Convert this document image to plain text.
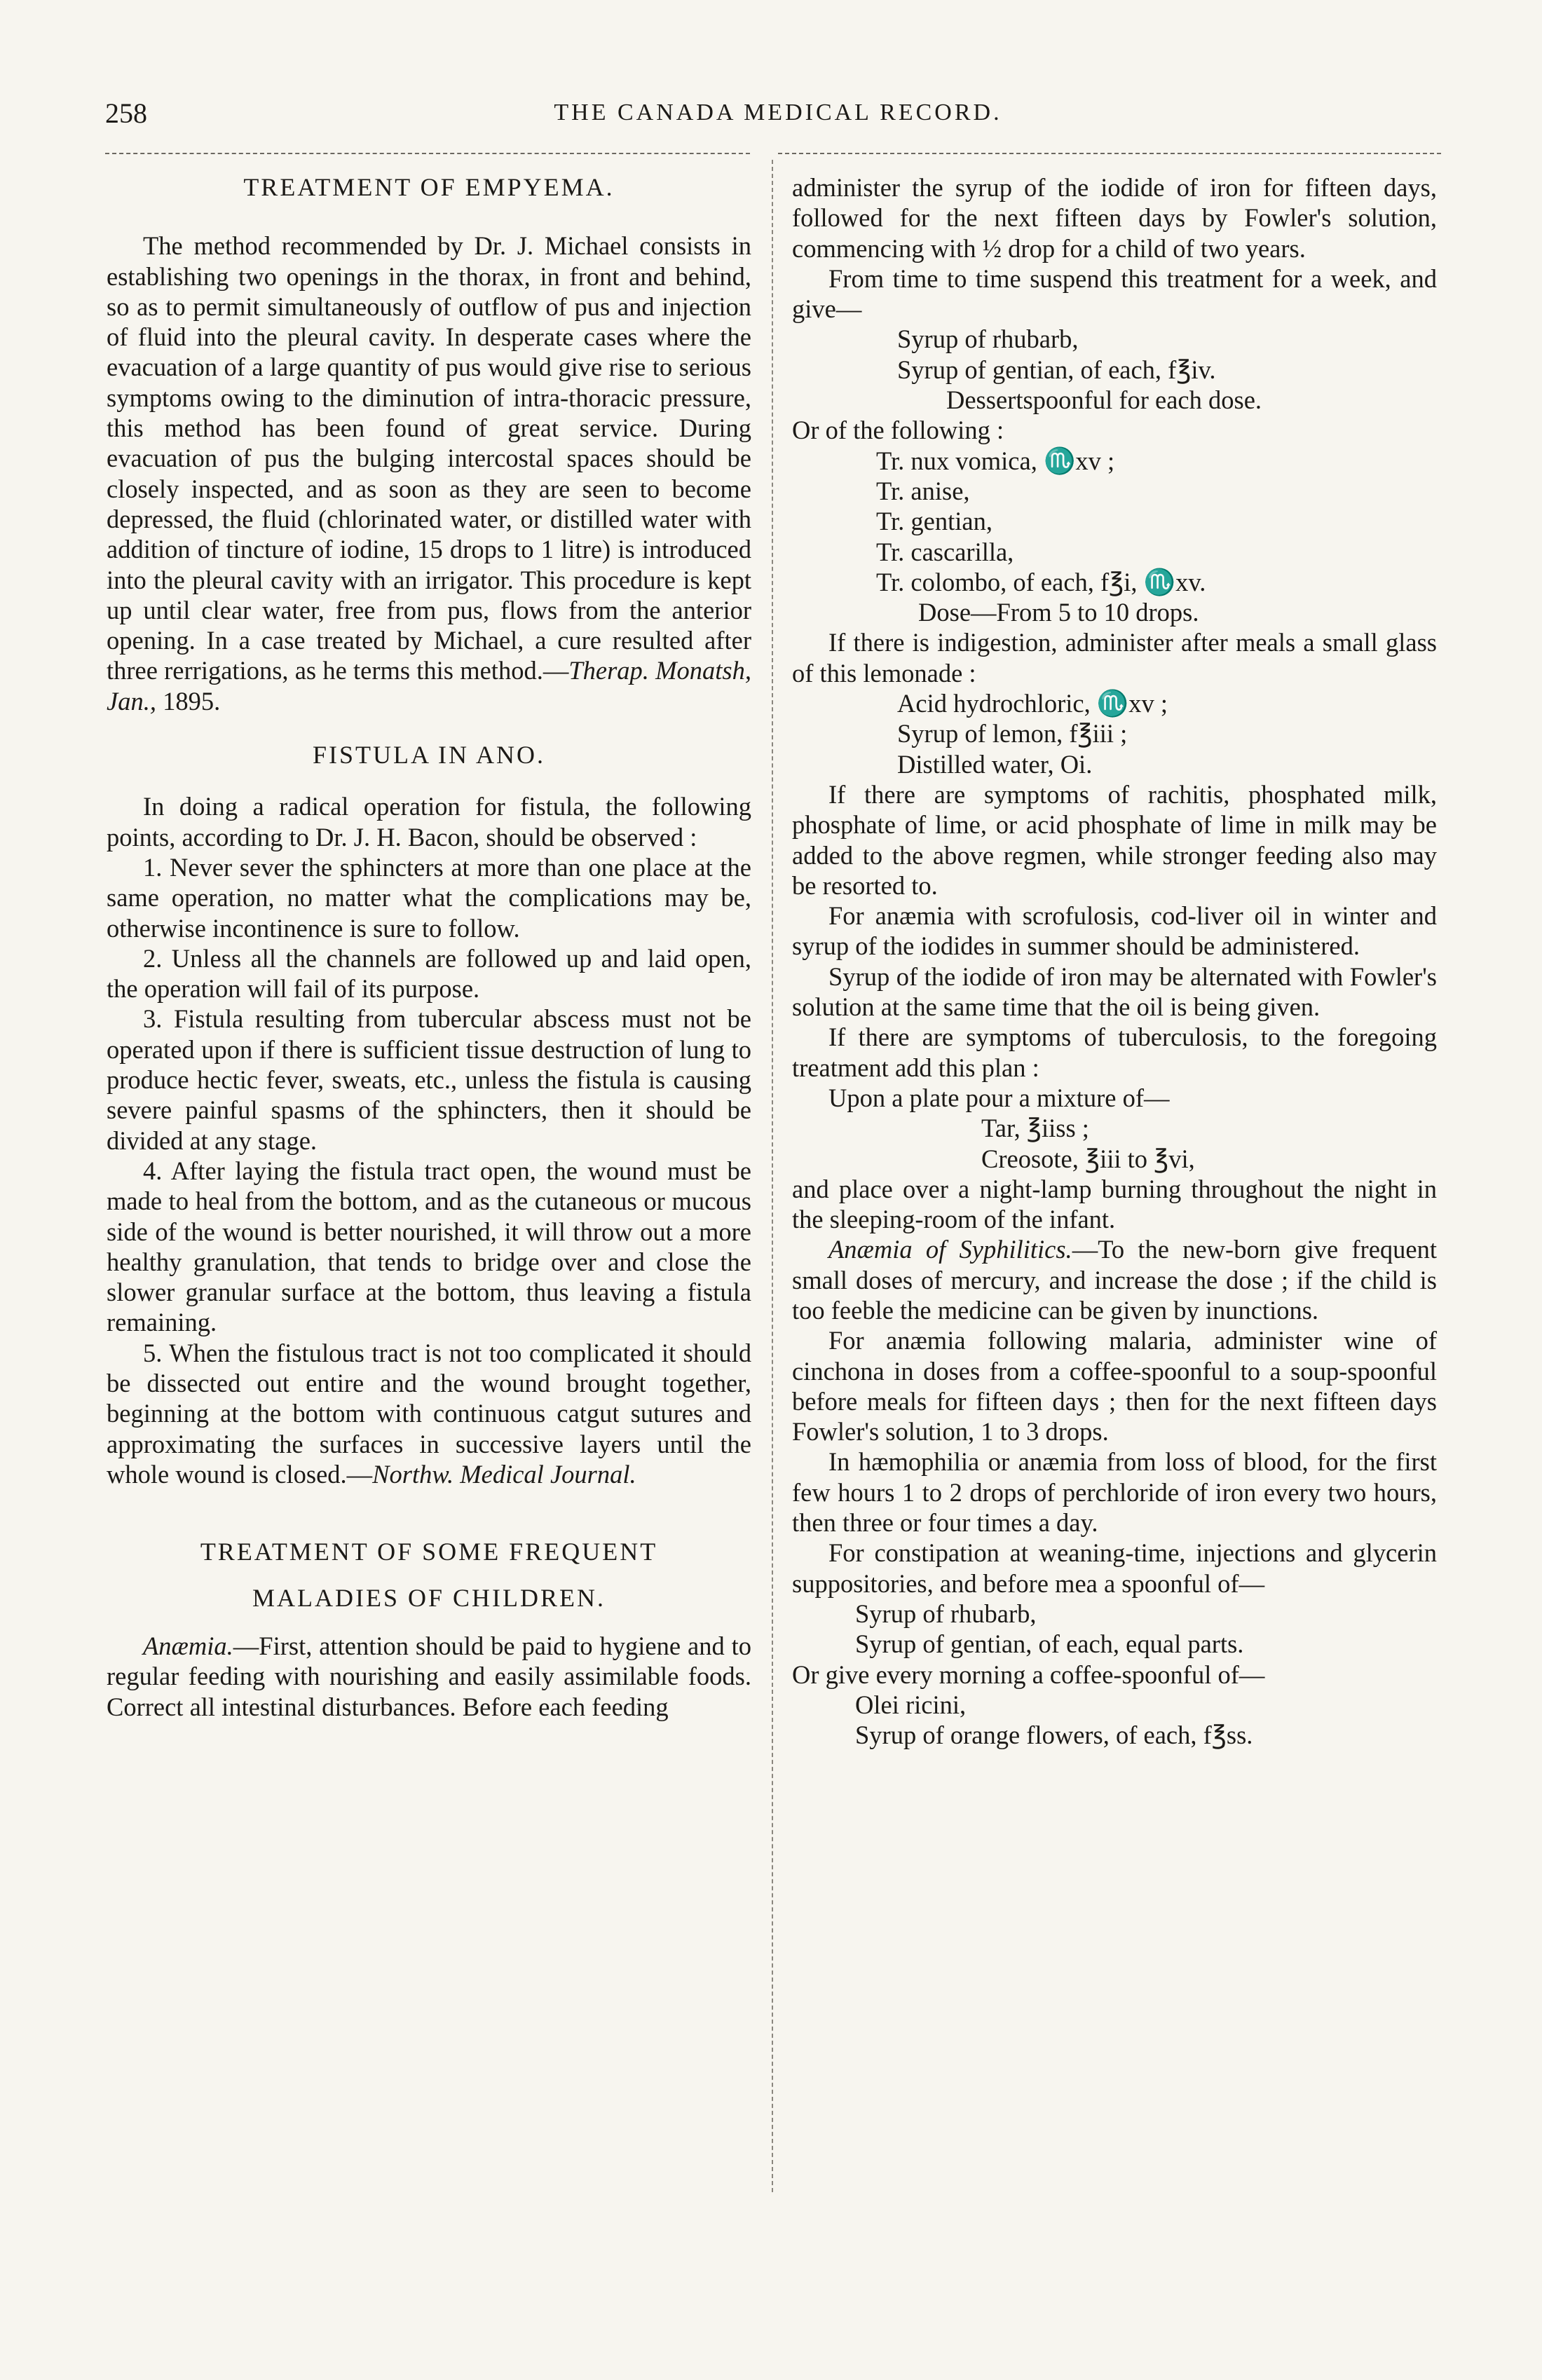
258	THE CANADA MEDICAL RECORD.
TREATMENT OF EMPYEMA.

The method recommended by Dr. J. Michael consists in establishing two openings in the thorax, in front and behind, so as to permit simultaneously of outflow of pus and injection of fluid into the pleural cavity. In desperate cases where the evacuation of a large quantity of pus would give rise to serious symptoms owing to the diminution of intra-thoracic pressure, this method has been found of great service. During evacuation of pus the bulging intercostal spaces should be closely inspected, and as soon as they are seen to become depressed, the fluid (chlorinated water, or distilled water with addition of tincture of iodine, 15 drops to 1 litre) is introduced into the pleural cavity with an irrigator. This procedure is kept up until clear water, free from pus, flows from the anterior opening. In a case treated by Michael, a cure resulted after three rerrigations, as he terms this method.—Therap. Monatsh, Jan., 1895.

FISTULA IN ANO.

In doing a radical operation for fistula, the following points, according to Dr. J. H. Bacon, should be observed :

1. Never sever the sphincters at more than one place at the same operation, no matter what the complications may be, otherwise incontinence is sure to follow.

2. Unless all the channels are followed up and laid open, the operation will fail of its purpose.

3. Fistula resulting from tubercular abscess must not be operated upon if there is sufficient tissue destruction of lung to produce hectic fever, sweats, etc., unless the fistula is causing severe painful spasms of the sphincters, then it should be divided at any stage.

4. After laying the fistula tract open, the wound must be made to heal from the bottom, and as the cutaneous or mucous side of the wound is better nourished, it will throw out a more healthy granulation, that tends to bridge over and close the slower granular surface at the bottom, thus leaving a fistula remaining.

5. When the fistulous tract is not too complicated it should be dissected out entire and the wound brought together, beginning at the bottom with continuous catgut sutures and approximating the surfaces in successive layers until the whole wound is closed.—Northw. Medical Journal.

TREATMENT OF SOME FREQUENT
MALADIES OF CHILDREN.

Anæmia.—First, attention should be paid to hygiene and to regular feeding with nourishing and easily assimilable foods. Correct all intestinal disturbances. Before each feeding

administer the syrup of the iodide of iron for fifteen days, followed for the next fifteen days by Fowler's solution, commencing with ½ drop for a child of two years.

From time to time suspend this treatment for a week, and give—

Syrup of rhubarb,
Syrup of gentian, of each, f℥iv.
Dessertspoonful for each dose.

Or of the following :

Tr. nux vomica, ♏xv ;
Tr. anise,
Tr. gentian,
Tr. cascarilla,
Tr. colombo, of each, f℥i, ♏xv.
Dose—From 5 to 10 drops.

If there is indigestion, administer after meals a small glass of this lemonade :

Acid hydrochloric, ♏xv ;
Syrup of lemon, f℥iii ;
Distilled water, Oi.

If there are symptoms of rachitis, phosphated milk, phosphate of lime, or acid phosphate of lime in milk may be added to the above regmen, while stronger feeding also may be resorted to.

For anæmia with scrofulosis, cod-liver oil in winter and syrup of the iodides in summer should be administered.

Syrup of the iodide of iron may be alternated with Fowler's solution at the same time that the oil is being given.

If there are symptoms of tuberculosis, to the foregoing treatment add this plan :

Upon a plate pour a mixture of—

Tar, ℥iiss ;
Creosote, ℥iii to ℥vi,

and place over a night-lamp burning throughout the night in the sleeping-room of the infant.

Anæmia of Syphilitics.—To the new-born give frequent small doses of mercury, and increase the dose ; if the child is too feeble the medicine can be given by inunctions.

For anæmia following malaria, administer wine of cinchona in doses from a coffee-spoonful to a soup-spoonful before meals for fifteen days ; then for the next fifteen days Fowler's solution, 1 to 3 drops.

In hæmophilia or anæmia from loss of blood, for the first few hours 1 to 2 drops of perchloride of iron every two hours, then three or four times a day.

For constipation at weaning-time, injections and glycerin suppositories, and before mea a spoonful of—

Syrup of rhubarb,
Syrup of gentian, of each, equal parts.

Or give every morning a coffee-spoonful of—

Olei ricini,
Syrup of orange flowers, of each, f℥ss.
